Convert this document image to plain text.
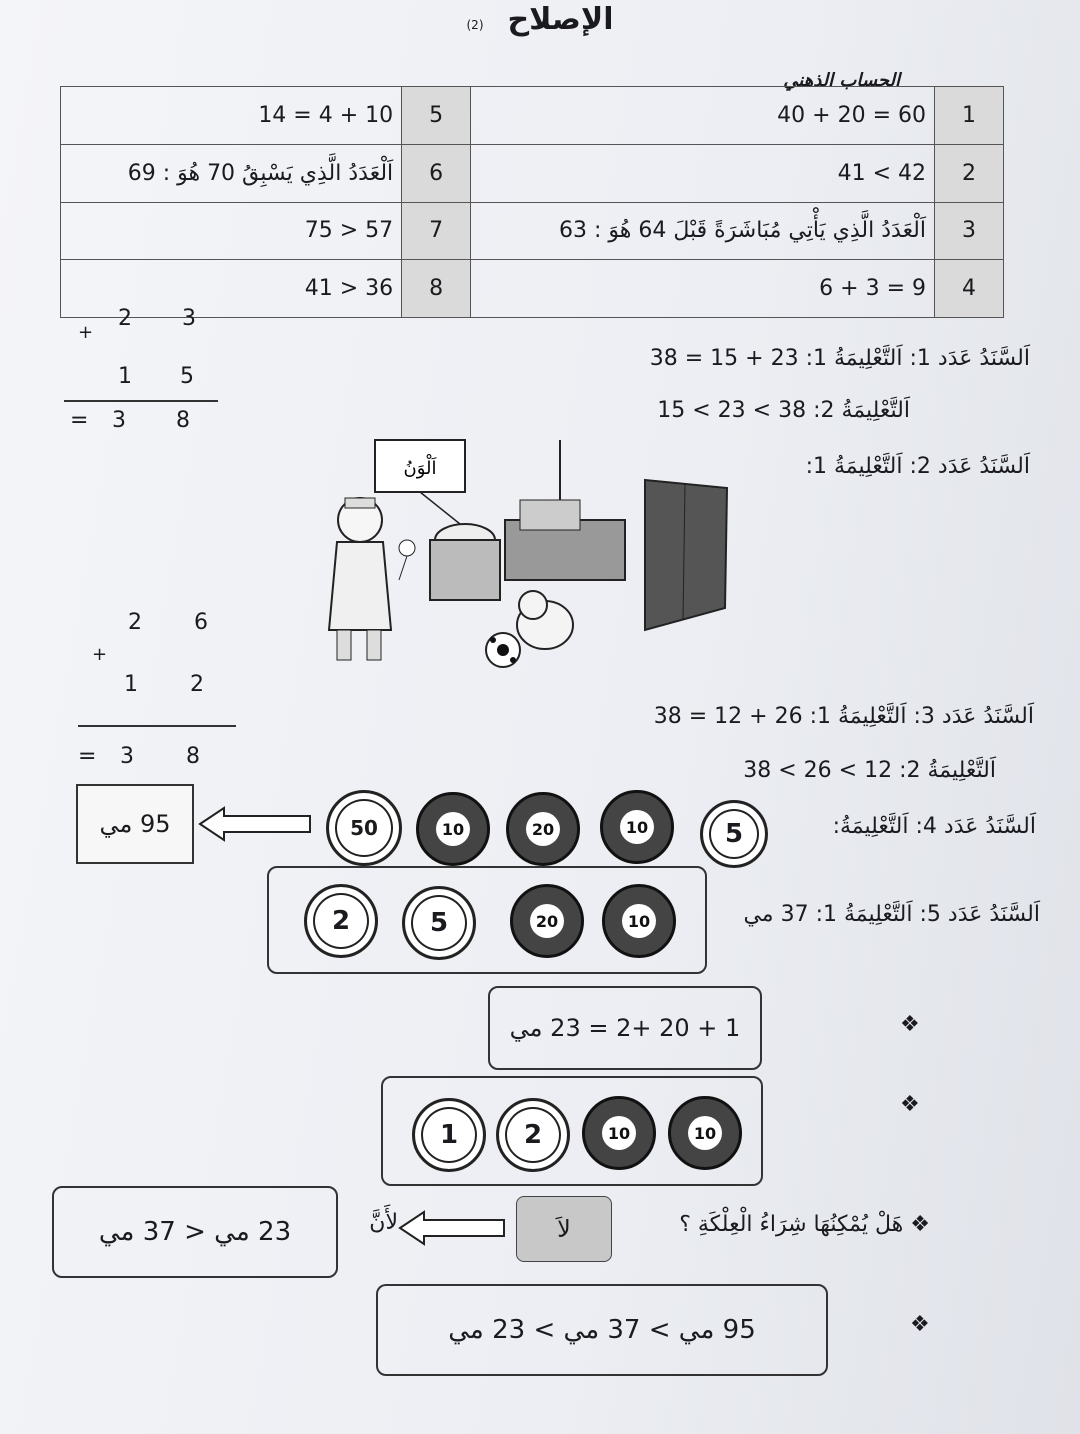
الإصلاح(2)
الحساب الذهني
14 = 4 + 10	5	60 = 20 + 40	1
اَلْعَدَدُ الَّذِي يَسْبِقُ 70 هُوَ : 69	6	42 > 41	2
75 > 57	7	اَلْعَدَدُ الَّذِي يَأْتِي مُبَاشَرَةً قَبْلَ 64 هُوَ : 63	3
41 > 36	8	9 = 3 + 6	4
+
2 3
1 5
= 3 8
اَلسَّنَدُ عَدَد 1: اَلتَّعْلِيمَةُ 1: 23 + 15 = 38
اَلتَّعْلِيمَةُ 2: 38 > 23 > 15
اَلسَّنَدُ عَدَد 2: اَلتَّعْلِيمَةُ 1:
اَلْوَنُ
+
2 6
1 2
= 3 8
اَلسَّنَدُ عَدَد 3: اَلتَّعْلِيمَةُ 1: 26 + 12 = 38
اَلتَّعْلِيمَةُ 2: 12 > 26 > 38
اَلسَّنَدُ عَدَد 4: اَلتَّعْلِيمَةُ:
50	10	20	10	5
95 مي
اَلسَّنَدُ عَدَد 5: اَلتَّعْلِيمَةُ 1: 37 مي
2	5	20	10
❖
1 + 20 +2 = 23 مي
❖
1	2	10	10
❖ هَلْ يُمْكِنُهَا شِرَاءُ الْعِلْكَةِ ؟
لاَ
لأَنَّ
23 مي < 37 مي
❖
95 مي > 37 مي > 23 مي
